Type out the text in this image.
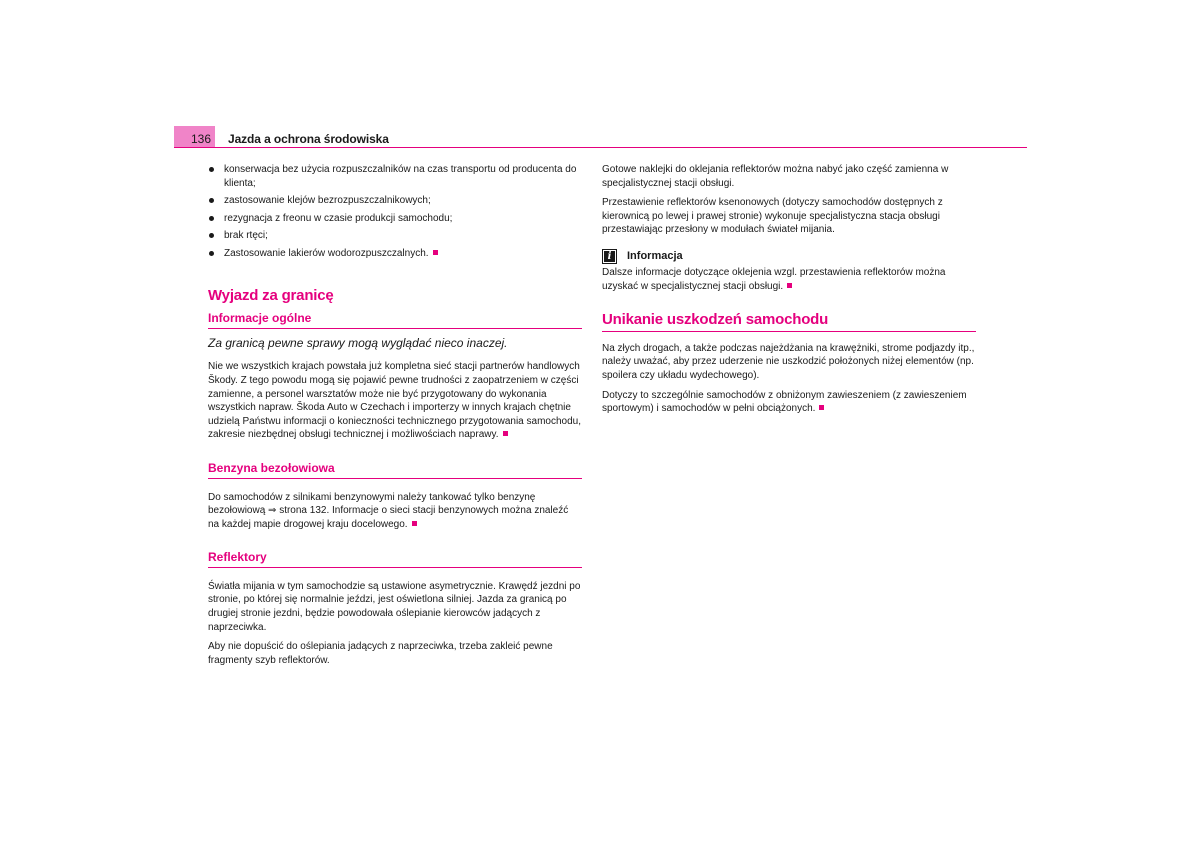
136	Jazda a ochrona środowiska
konserwacja bez użycia rozpuszczalników na czas transportu od producenta do klienta;
zastosowanie klejów bezrozpuszczalnikowych;
rezygnacja z freonu w czasie produkcji samochodu;
brak rtęci;
Zastosowanie lakierów wodorozpuszczalnych.
Wyjazd za granicę
Informacje ogólne

Za granicą pewne sprawy mogą wyglądać nieco inaczej.

Nie we wszystkich krajach powstała już kompletna sieć stacji partnerów handlowych Škody. Z tego powodu mogą się pojawić pewne trudności z zaopatrzeniem w części zamienne, a personel warsztatów może nie być przygotowany do wykonania wszystkich napraw. Škoda Auto w Czechach i importerzy w innych krajach chętnie udzielą Państwu informacji o konieczności technicznego przygotowania samochodu, zakresie niezbędnej obsługi technicznej i możliwościach naprawy.

Benzyna bezołowiowa

Do samochodów z silnikami benzynowymi należy tankować tylko benzynę bezołowiową ⇒ strona 132. Informacje o sieci stacji benzynowych można znaleźć na każdej mapie drogowej kraju docelowego.

Reflektory

Światła mijania w tym samochodzie są ustawione asymetrycznie. Krawędź jezdni po stronie, po której się normalnie jeździ, jest oświetlona silniej. Jazda za granicą po drugiej stronie jezdni, będzie powodowała oślepianie kierowców jadących z naprzeciwka.

Aby nie dopuścić do oślepiania jadących z naprzeciwka, trzeba zakleić pewne fragmenty szyb reflektorów.

Gotowe naklejki do oklejania reflektorów można nabyć jako część zamienna w specjalistycznej stacji obsługi.

Przestawienie reflektorów ksenonowych (dotyczy samochodów dostępnych z kierownicą po lewej i prawej stronie) wykonuje specjalistyczna stacja obsługi przestawiając przesłony w modułach świateł mijania.

i	Informacja

Dalsze informacje dotyczące oklejenia wzgl. przestawienia reflektorów można uzyskać w specjalistycznej stacji obsługi.

Unikanie uszkodzeń samochodu

Na złych drogach, a także podczas najeżdżania na krawężniki, strome podjazdy itp., należy uważać, aby przez uderzenie nie uszkodzić położonych niżej elementów (np. spoilera czy układu wydechowego).

Dotyczy to szczególnie samochodów z obniżonym zawieszeniem (z zawieszeniem sportowym) i samochodów w pełni obciążonych.
